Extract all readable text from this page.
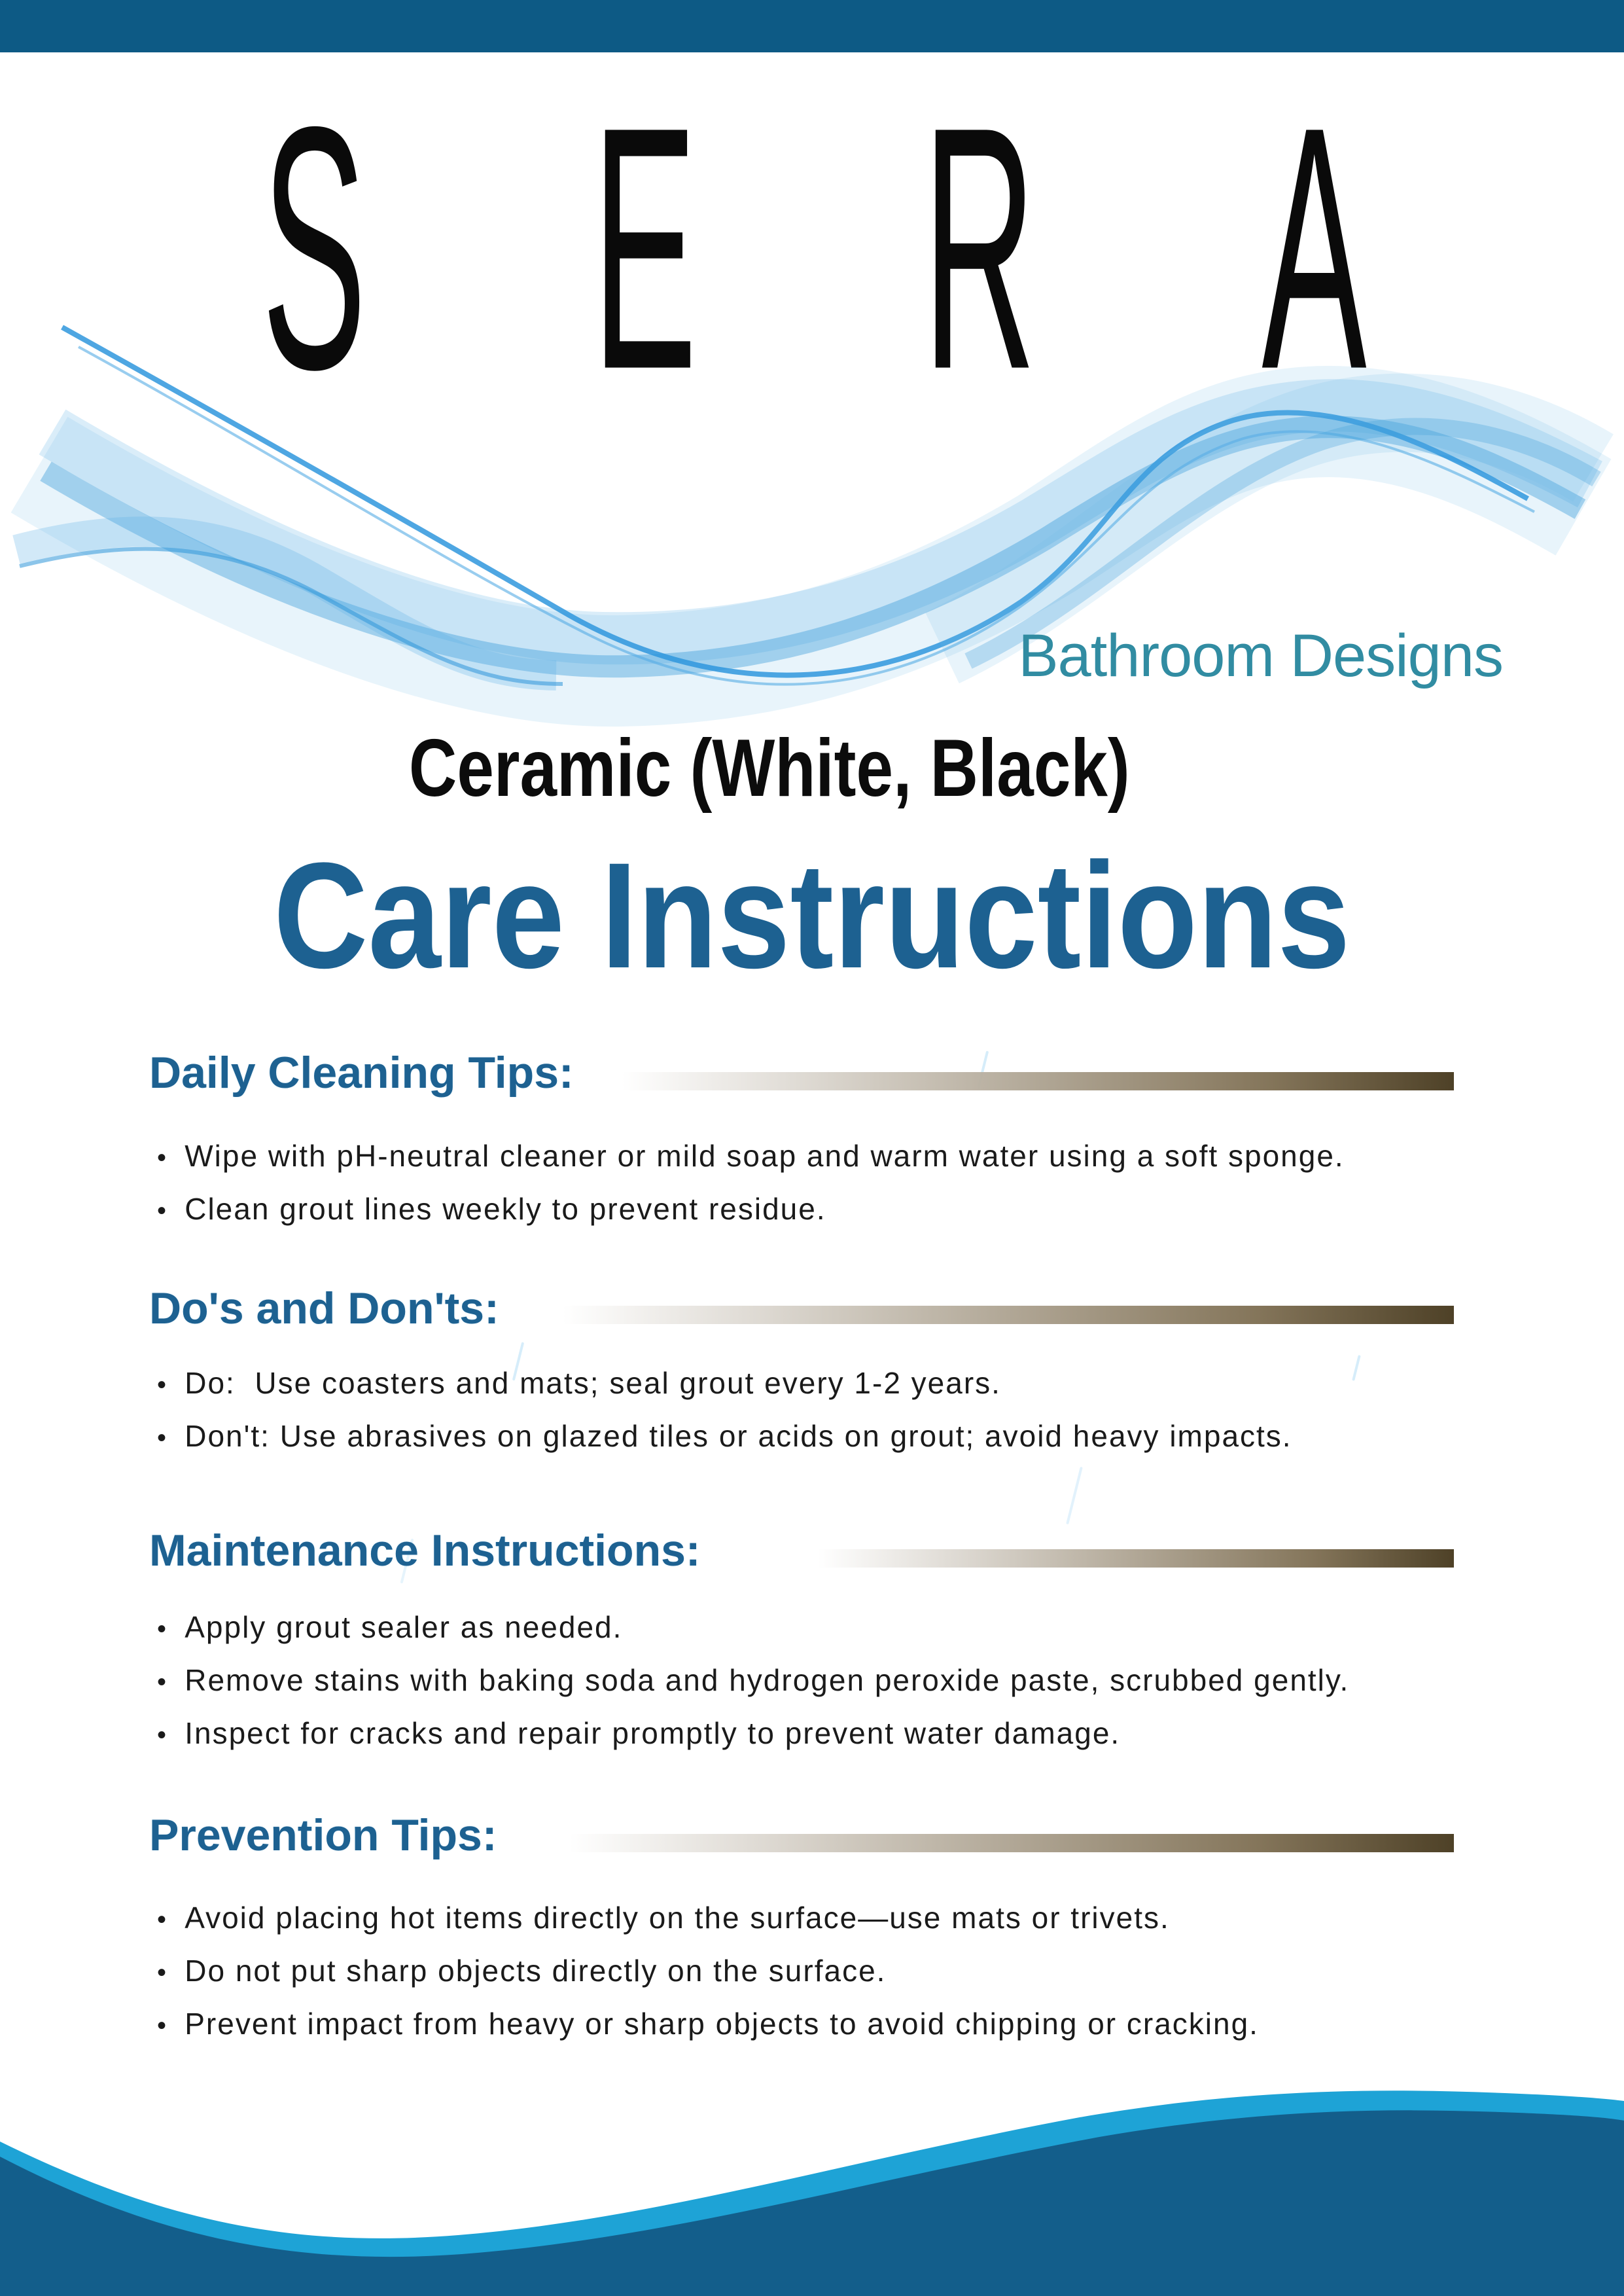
SERA
Bathroom Designs
Ceramic (White, Black)
Care Instructions
Daily Cleaning Tips:
•  Wipe with pH-neutral cleaner or mild soap and warm water using a soft sponge.
•  Clean grout lines weekly to prevent residue.
Do's and Don'ts:
•  Do:  Use coasters and mats; seal grout every 1-2 years.
•  Don't: Use abrasives on glazed tiles or acids on grout; avoid heavy impacts.
Maintenance Instructions:
•  Apply grout sealer as needed.
•  Remove stains with baking soda and hydrogen peroxide paste, scrubbed gently.
•  Inspect for cracks and repair promptly to prevent water damage.
Prevention Tips:
•  Avoid placing hot items directly on the surface—use mats or trivets.
•  Do not put sharp objects directly on the surface.
•  Prevent impact from heavy or sharp objects to avoid chipping or cracking.
